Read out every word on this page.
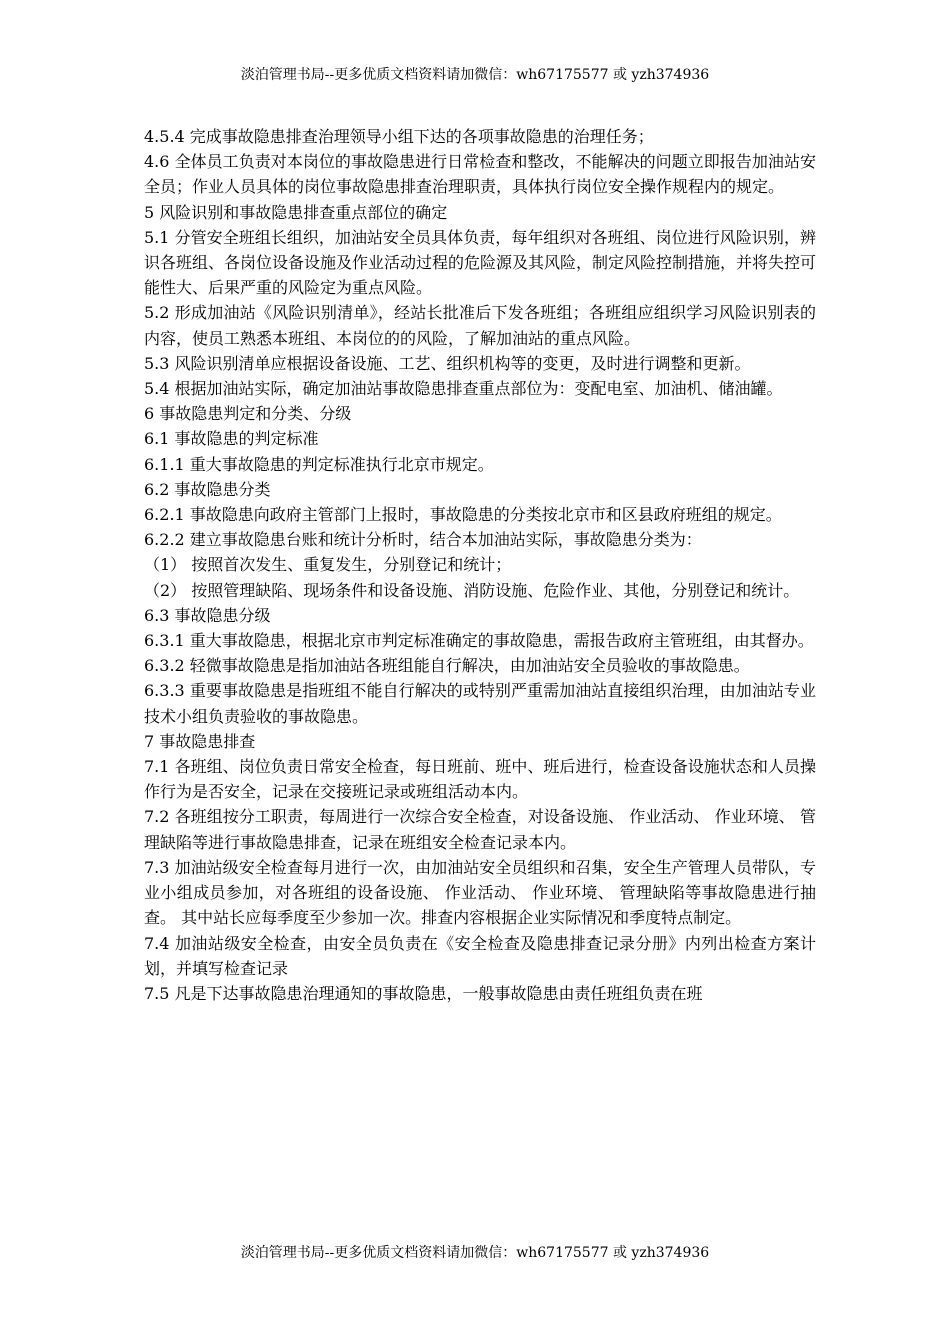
淡泊管理书局--更多优质文档资料请加微信：wh67175577 或 yzh374936

4.5.4 完成事故隐患排查治理领导小组下达的各项事故隐患的治理任务；

4.6 全体员工负责对本岗位的事故隐患进行日常检查和整改，不能解决的问题立即报告加油站安全员；作业人员具体的岗位事故隐患排查治理职责，具体执行岗位安全操作规程内的规定。

5 风险识别和事故隐患排查重点部位的确定

5.1 分管安全班组长组织，加油站安全员具体负责，每年组织对各班组、岗位进行风险识别，辨识各班组、各岗位设备设施及作业活动过程的危险源及其风险，制定风险控制措施，并将失控可能性大、后果严重的风险定为重点风险。

5.2 形成加油站《风险识别清单》，经站长批准后下发各班组；各班组应组织学习风险识别表的内容，使员工熟悉本班组、本岗位的的风险，了解加油站的重点风险。

5.3 风险识别清单应根据设备设施、工艺、组织机构等的变更，及时进行调整和更新。

5.4 根据加油站实际，确定加油站事故隐患排查重点部位为：变配电室、加油机、储油罐。

6 事故隐患判定和分类、分级

6.1 事故隐患的判定标准

6.1.1 重大事故隐患的判定标准执行北京市规定。

6.2 事故隐患分类

6.2.1 事故隐患向政府主管部门上报时，事故隐患的分类按北京市和区县政府班组的规定。

6.2.2 建立事故隐患台账和统计分析时，结合本加油站实际，事故隐患分类为：

（1） 按照首次发生、重复发生，分别登记和统计；

（2） 按照管理缺陷、现场条件和设备设施、消防设施、危险作业、其他，分别登记和统计。

6.3 事故隐患分级

6.3.1 重大事故隐患，根据北京市判定标准确定的事故隐患，需报告政府主管班组，由其督办。

6.3.2 轻微事故隐患是指加油站各班组能自行解决，由加油站安全员验收的事故隐患。

6.3.3 重要事故隐患是指班组不能自行解决的或特别严重需加油站直接组织治理，由加油站专业技术小组负责验收的事故隐患。

7 事故隐患排查

7.1 各班组、岗位负责日常安全检查，每日班前、班中、班后进行，检查设备设施状态和人员操作行为是否安全，记录在交接班记录或班组活动本内。

7.2 各班组按分工职责，每周进行一次综合安全检查，对设备设施、 作业活动、 作业环境、 管理缺陷等进行事故隐患排查，记录在班组安全检查记录本内。

7.3 加油站级安全检查每月进行一次，由加油站安全员组织和召集，安全生产管理人员带队，专业小组成员参加，对各班组的设备设施、 作业活动、 作业环境、 管理缺陷等事故隐患进行抽查。 其中站长应每季度至少参加一次。排查内容根据企业实际情况和季度特点制定。

7.4 加油站级安全检查，由安全员负责在《安全检查及隐患排查记录分册》内列出检查方案计划，并填写检查记录

7.5 凡是下达事故隐患治理通知的事故隐患，一般事故隐患由责任班组负责在班

淡泊管理书局--更多优质文档资料请加微信：wh67175577 或 yzh374936
